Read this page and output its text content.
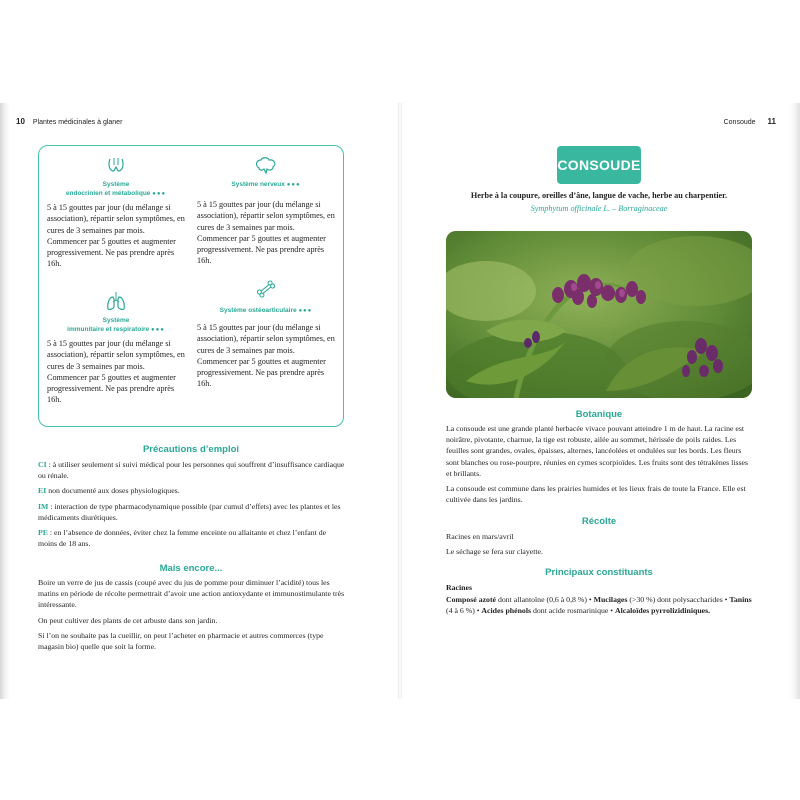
10 Plantes médicinales à glaner
Système
endocrinien et métabolique ●●●
5 à 15 gouttes par jour (du mélange si association), répartir selon symptômes, en cures de 3 semaines par mois. Commencer par 5 gouttes et augmenter progressivement. Ne pas prendre après 16h.
Système nerveux ●●●
5 à 15 gouttes par jour (du mélange si association), répartir selon symptômes, en cures de 3 semaines par mois. Commencer par 5 gouttes et augmenter progressivement. Ne pas prendre après 16h.
Système
immunitaire et respiratoire ●●●
5 à 15 gouttes par jour (du mélange si association), répartir selon symptômes, en cures de 3 semaines par mois. Commencer par 5 gouttes et augmenter progressivement. Ne pas prendre après 16h.
Système ostéoarticulaire ●●●
5 à 15 gouttes par jour (du mélange si association), répartir selon symptômes, en cures de 3 semaines par mois. Commencer par 5 gouttes et augmenter progressivement. Ne pas prendre après 16h.
Précautions d’emploi

CI : à utiliser seulement si suivi médical pour les personnes qui souffrent d’insuffisance cardiaque ou rénale.

EI non documenté aux doses physiologiques.

IM : interaction de type pharmacodynamique possible (par cumul d’effets) avec les plantes et les médicaments diurétiques.

PE : en l’absence de données, éviter chez la femme enceinte ou allaitante et chez l’enfant de moins de 18 ans.

Mais encore...

Boire un verre de jus de cassis (coupé avec du jus de pomme pour diminuer l’acidité) tous les matins en période de récolte permettrait d’avoir une action antioxydante et immunostimulante très intéressante.

On peut cultiver des plants de cet arbuste dans son jardin.

Si l’on ne souhaite pas la cueillir, on peut l’acheter en pharmacie et autres commerces (type magasin bio) quelle que soit la forme.

Consoude 11
CONSOUDE
Herbe à la coupure, oreilles d’âne, langue de vache, herbe au charpentier.
Symphytum officinale L. – Borraginaceae
Botanique

La consoude est une grande planté herbacée vivace pouvant atteindre 1 m de haut. La racine est noirâtre, pivotante, charnue, la tige est robuste, ailée au sommet, hérissée de poils raides. Les feuilles sont grandes, ovales, épaisses, alternes, lancéolées et ondulées sur les bords. Les fleurs sont blanches ou rose-pourpre, réunies en cymes scorpioïdes. Les fruits sont des tétrakènes lisses et brillants.

La consoude est commune dans les prairies humides et les lieux frais de toute la France. Elle est cultivée dans les jardins.

Récolte

Racines en mars/avril

Le séchage se fera sur clayette.

Principaux constituants

Racines

Composé azoté dont allantoïne (0,6 à 0,8 %) • Mucilages (>30 %) dont polysaccharides • Tanins (4 à 6 %) • Acides phénols dont acide rosmarinique • Alcaloïdes pyrrolizidiniques.
